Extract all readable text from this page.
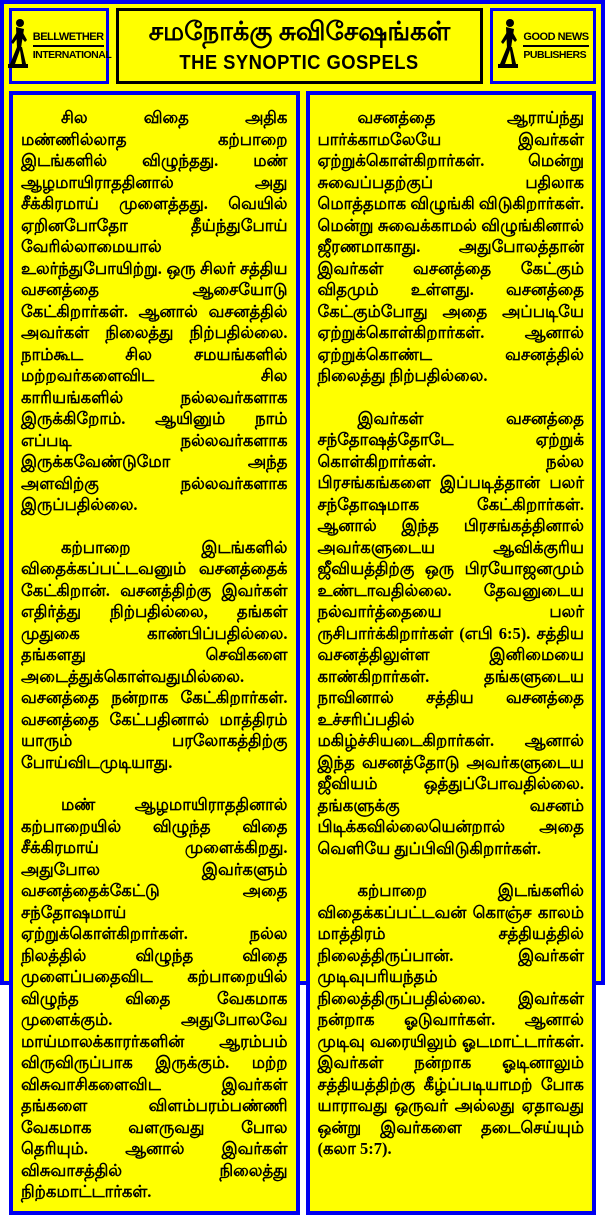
BELLWETHER
INTERNATIONAL
சமநோக்கு சுவிசேஷங்கள்
THE SYNOPTIC GOSPELS
GOOD NEWS
PUBLISHERS

சில விதை அதிக மண்ணில்லாத கற்பாறை இடங்களில் விழுந்தது. மண் ஆழமாயிராததினால் அது சீக்கிரமாய் முளைத்தது. வெயில் ஏறினபோதோ தீய்ந்துபோய் வேரில்லாமையால் உலர்ந்துபோயிற்று. ஒரு சிலர் சத்திய வசனத்தை ஆசையோடு கேட்கிறார்கள். ஆனால் வசனத்தில் அவர்கள் நிலைத்து நிற்பதில்லை. நாம்கூட சில சமயங்களில் மற்றவர்களைவிட சில காரியங்களில் நல்லவர்களாக இருக்கிறோம். ஆயினும் நாம் எப்படி நல்லவர்களாக இருக்கவேண்டுமோ அந்த அளவிற்கு நல்லவர்களாக இருப்பதில்லை.

கற்பாறை இடங்களில் விதைக்கப்பட்டவனும் வசனத்தைக் கேட்கிறான். வசனத்திற்கு இவர்கள் எதிர்த்து நிற்பதில்லை, தங்கள் முதுகை காண்பிப்பதில்லை. தங்களது செவிகளை அடைத்துக்கொள்வதுமில்லை. வசனத்தை நன்றாக கேட்கிறார்கள். வசனத்தை கேட்பதினால் மாத்திரம் யாரும் பரலோகத்திற்கு போய்விடமுடியாது.

மண் ஆழமாயிராததினால் கற்பாறையில் விழுந்த விதை சீக்கிரமாய் முளைக்கிறது. அதுபோல இவர்களும் வசனத்தைக்கேட்டு அதை சந்தோஷமாய் ஏற்றுக்கொள்கிறார்கள். நல்ல நிலத்தில் விழுந்த விதை முளைப்பதைவிட கற்பாறையில் விழுந்த விதை வேகமாக முளைக்கும். அதுபோலவே மாய்மாலக்காரர்களின் ஆரம்பம் விருவிருப்பாக இருக்கும். மற்ற விசுவாசிகளைவிட இவர்கள் தங்களை விளம்பரம்பண்ணி வேகமாக வளருவது போல தெரியும். ஆனால் இவர்கள் விசுவாசத்தில் நிலைத்து நிற்கமாட்டார்கள்.

வசனத்தை ஆராய்ந்து பார்க்காமலேயே இவர்கள் ஏற்றுக்கொள்கிறார்கள். மென்று சுவைப்பதற்குப் பதிலாக மொத்தமாக விழுங்கி விடுகிறார்கள். மென்று சுவைக்காமல் விழுங்கினால் ஜீரணமாகாது. அதுபோலத்தான் இவர்கள் வசனத்தை கேட்கும் விதமும் உள்ளது. வசனத்தை கேட்கும்போது அதை அப்படியே ஏற்றுக்கொள்கிறார்கள். ஆனால் ஏற்றுக்கொண்ட வசனத்தில் நிலைத்து நிற்பதில்லை.

இவர்கள் வசனத்தை சந்தோஷத்தோடே ஏற்றுக் கொள்கிறார்கள். நல்ல பிரசங்கங்களை இப்படித்தான் பலர் சந்தோஷமாக கேட்கிறார்கள். ஆனால் இந்த பிரசங்கத்தினால் அவர்களுடைய ஆவிக்குரிய ஜீவியத்திற்கு ஒரு பிரயோஜனமும் உண்டாவதில்லை. தேவனுடைய நல்வார்த்தையை பலர் ருசிபார்க்கிறார்கள் (எபி 6:5). சத்திய வசனத்திலுள்ள இனிமையை காண்கிறார்கள். தங்களுடைய நாவினால் சத்திய வசனத்தை உச்சரிப்பதில் மகிழ்ச்சியடைகிறார்கள். ஆனால் இந்த வசனத்தோடு அவர்களுடைய ஜீவியம் ஒத்துப்போவதில்லை. தங்களுக்கு வசனம் பிடிக்கவில்லையென்றால் அதை வெளியே துப்பிவிடுகிறார்கள்.

கற்பாறை இடங்களில் விதைக்கப்பட்டவன் கொஞ்ச காலம் மாத்திரம் சத்தியத்தில் நிலைத்திருப்பான். இவர்கள் முடிவுபரியந்தம் நிலைத்திருப்பதில்லை. இவர்கள் நன்றாக ஓடுவார்கள். ஆனால் முடிவு வரையிலும் ஓடமாட்டார்கள். இவர்கள் நன்றாக ஓடினாலும் சத்தியத்திற்கு கீழ்ப்படியாமற் போக யாராவது ஒருவர் அல்லது ஏதாவது ஒன்று இவர்களை தடைசெய்யும் (கலா 5:7).
